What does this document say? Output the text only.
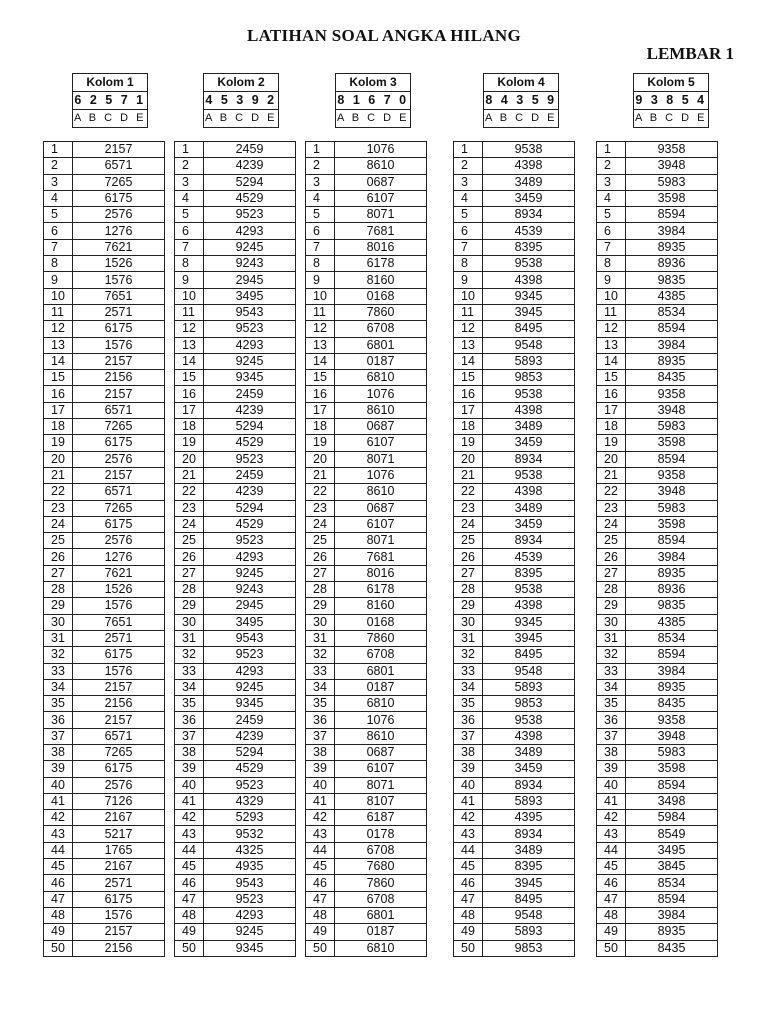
LATIHAN SOAL ANGKA HILANG
LEMBAR 1
Kolom 1
6 2 5 7 1
A B C D E
Kolom 2
4 5 3 9 2
A B C D E
Kolom 3
8 1 6 7 0
A B C D E
Kolom 4
8 4 3 5 9
A B C D E
Kolom 5
9 3 8 5 4
A B C D E
1	2157
2	6571
3	7265
4	6175
5	2576
6	1276
7	7621
8	1526
9	1576
10	7651
11	2571
12	6175
13	1576
14	2157
15	2156
16	2157
17	6571
18	7265
19	6175
20	2576
21	2157
22	6571
23	7265
24	6175
25	2576
26	1276
27	7621
28	1526
29	1576
30	7651
31	2571
32	6175
33	1576
34	2157
35	2156
36	2157
37	6571
38	7265
39	6175
40	2576
41	7126
42	2167
43	5217
44	1765
45	2167
46	2571
47	6175
48	1576
49	2157
50	2156
1	2459
2	4239
3	5294
4	4529
5	9523
6	4293
7	9245
8	9243
9	2945
10	3495
11	9543
12	9523
13	4293
14	9245
15	9345
16	2459
17	4239
18	5294
19	4529
20	9523
21	2459
22	4239
23	5294
24	4529
25	9523
26	4293
27	9245
28	9243
29	2945
30	3495
31	9543
32	9523
33	4293
34	9245
35	9345
36	2459
37	4239
38	5294
39	4529
40	9523
41	4329
42	5293
43	9532
44	4325
45	4935
46	9543
47	9523
48	4293
49	9245
50	9345
1	1076
2	8610
3	0687
4	6107
5	8071
6	7681
7	8016
8	6178
9	8160
10	0168
11	7860
12	6708
13	6801
14	0187
15	6810
16	1076
17	8610
18	0687
19	6107
20	8071
21	1076
22	8610
23	0687
24	6107
25	8071
26	7681
27	8016
28	6178
29	8160
30	0168
31	7860
32	6708
33	6801
34	0187
35	6810
36	1076
37	8610
38	0687
39	6107
40	8071
41	8107
42	6187
43	0178
44	6708
45	7680
46	7860
47	6708
48	6801
49	0187
50	6810
1	9538
2	4398
3	3489
4	3459
5	8934
6	4539
7	8395
8	9538
9	4398
10	9345
11	3945
12	8495
13	9548
14	5893
15	9853
16	9538
17	4398
18	3489
19	3459
20	8934
21	9538
22	4398
23	3489
24	3459
25	8934
26	4539
27	8395
28	9538
29	4398
30	9345
31	3945
32	8495
33	9548
34	5893
35	9853
36	9538
37	4398
38	3489
39	3459
40	8934
41	5893
42	4395
43	8934
44	3489
45	8395
46	3945
47	8495
48	9548
49	5893
50	9853
1	9358
2	3948
3	5983
4	3598
5	8594
6	3984
7	8935
8	8936
9	9835
10	4385
11	8534
12	8594
13	3984
14	8935
15	8435
16	9358
17	3948
18	5983
19	3598
20	8594
21	9358
22	3948
23	5983
24	3598
25	8594
26	3984
27	8935
28	8936
29	9835
30	4385
31	8534
32	8594
33	3984
34	8935
35	8435
36	9358
37	3948
38	5983
39	3598
40	8594
41	3498
42	5984
43	8549
44	3495
45	3845
46	8534
47	8594
48	3984
49	8935
50	8435
